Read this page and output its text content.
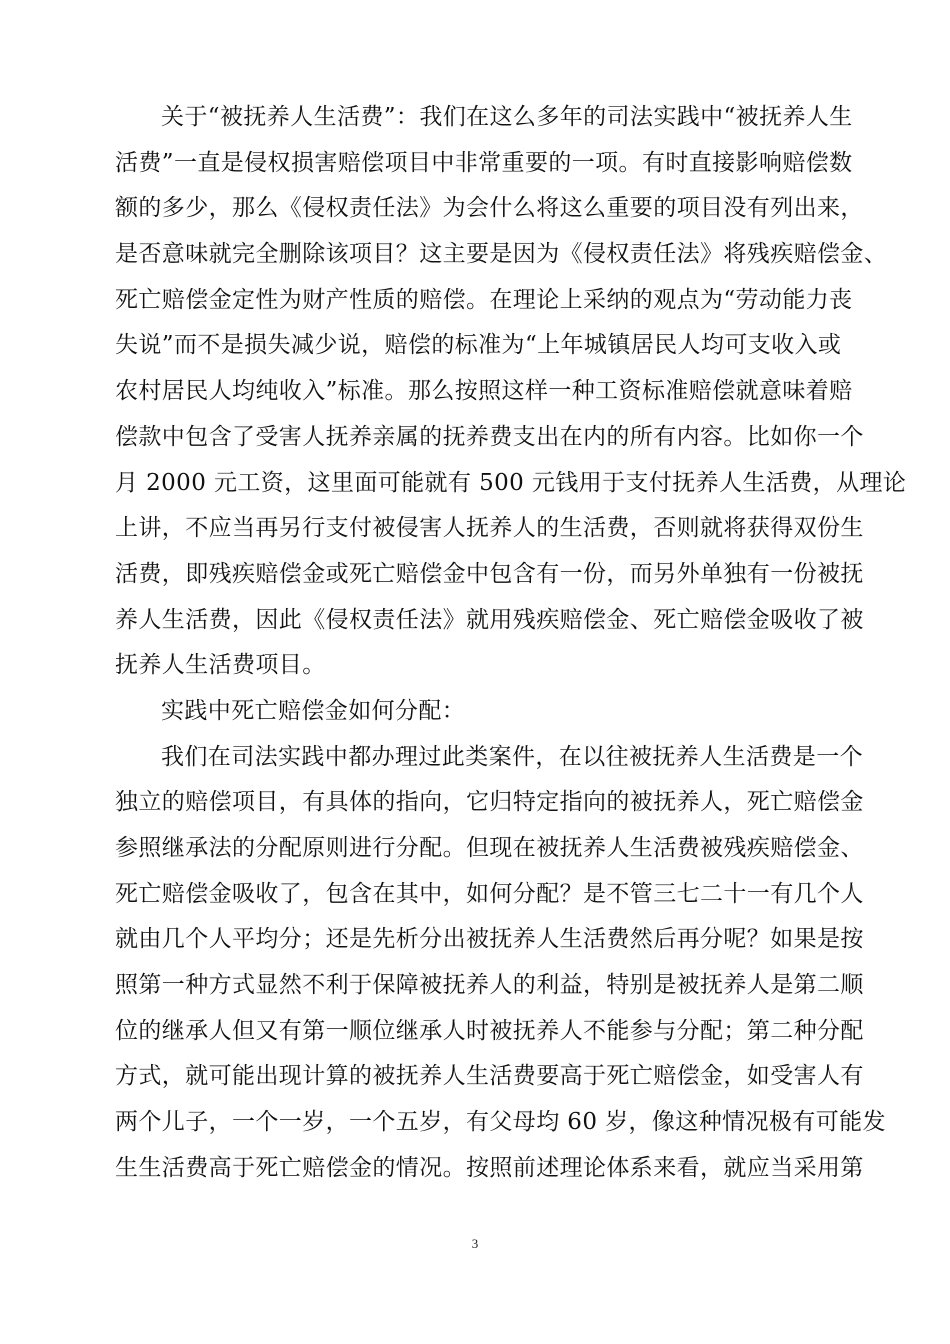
关于“被抚养人生活费”：我们在这么多年的司法实践中“被抚养人生
活费”一直是侵权损害赔偿项目中非常重要的一项。有时直接影响赔偿数
额的多少，那么《侵权责任法》为会什么将这么重要的项目没有列出来，
是否意味就完全删除该项目？这主要是因为《侵权责任法》将残疾赔偿金、
死亡赔偿金定性为财产性质的赔偿。在理论上采纳的观点为“劳动能力丧
失说”而不是损失减少说，赔偿的标准为“上年城镇居民人均可支收入或
农村居民人均纯收入”标准。那么按照这样一种工资标准赔偿就意味着赔
偿款中包含了受害人抚养亲属的抚养费支出在内的所有内容。比如你一个
月 2000 元工资，这里面可能就有 500 元钱用于支付抚养人生活费，从理论
上讲，不应当再另行支付被侵害人抚养人的生活费，否则就将获得双份生
活费，即残疾赔偿金或死亡赔偿金中包含有一份，而另外单独有一份被抚
养人生活费，因此《侵权责任法》就用残疾赔偿金、死亡赔偿金吸收了被
抚养人生活费项目。
实践中死亡赔偿金如何分配：
我们在司法实践中都办理过此类案件，在以往被抚养人生活费是一个
独立的赔偿项目，有具体的指向，它归特定指向的被抚养人，死亡赔偿金
参照继承法的分配原则进行分配。但现在被抚养人生活费被残疾赔偿金、
死亡赔偿金吸收了，包含在其中，如何分配？是不管三七二十一有几个人
就由几个人平均分；还是先析分出被抚养人生活费然后再分呢？如果是按
照第一种方式显然不利于保障被抚养人的利益，特别是被抚养人是第二顺
位的继承人但又有第一顺位继承人时被抚养人不能参与分配；第二种分配
方式，就可能出现计算的被抚养人生活费要高于死亡赔偿金，如受害人有
两个儿子，一个一岁，一个五岁，有父母均 60 岁，像这种情况极有可能发
生生活费高于死亡赔偿金的情况。按照前述理论体系来看，就应当采用第
3
